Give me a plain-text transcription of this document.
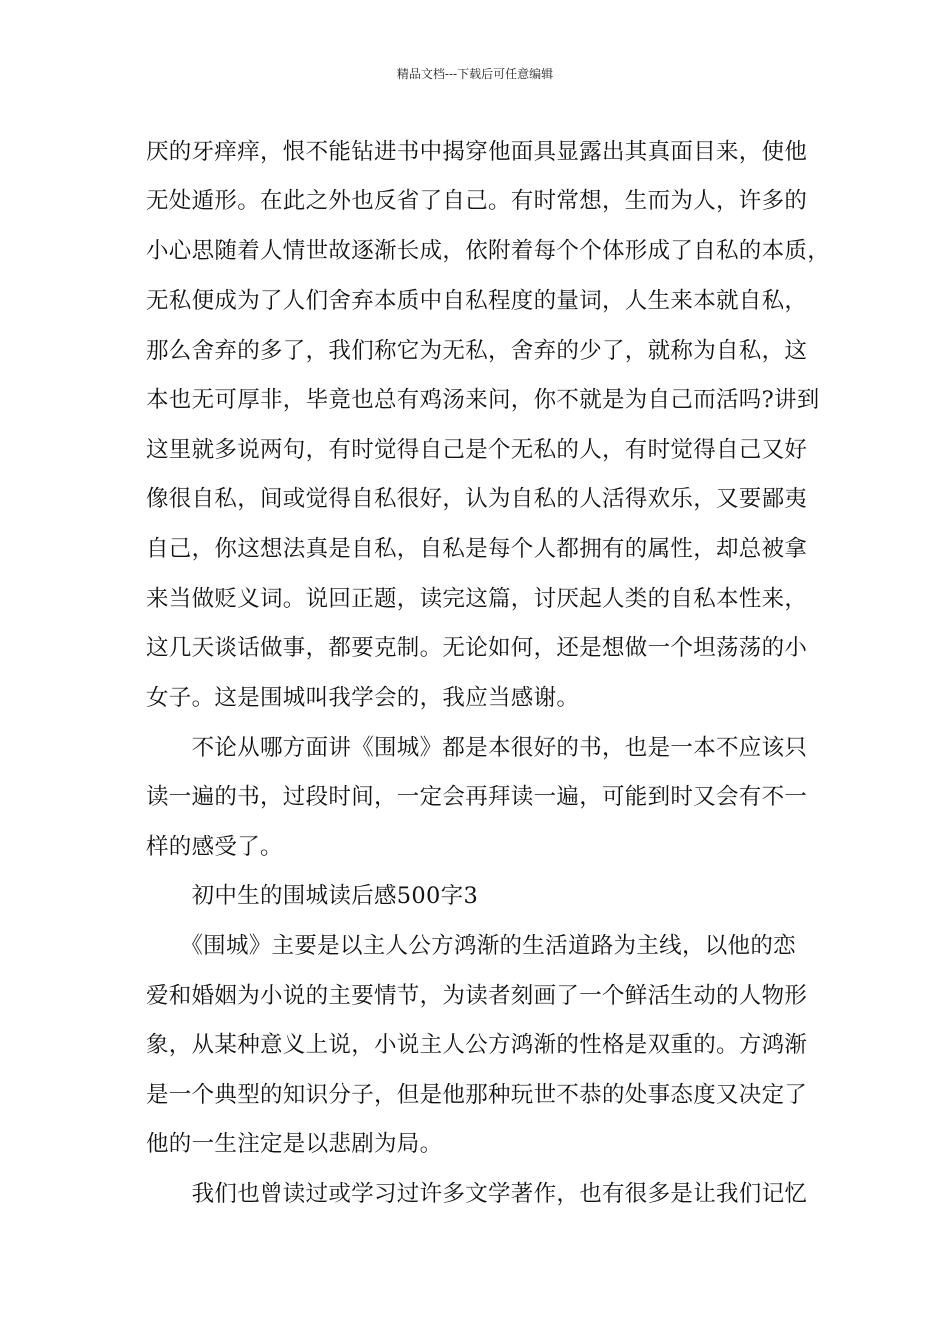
精品文档---下载后可任意编辑
厌的牙痒痒，恨不能钻进书中揭穿他面具显露出其真面目来，使他
无处遁形。在此之外也反省了自己。有时常想，生而为人，许多的
小心思随着人情世故逐渐长成，依附着每个个体形成了自私的本质，
无私便成为了人们舍弃本质中自私程度的量词，人生来本就自私，
那么舍弃的多了，我们称它为无私，舍弃的少了，就称为自私，这
本也无可厚非，毕竟也总有鸡汤来问，你不就是为自己而活吗?讲到
这里就多说两句，有时觉得自己是个无私的人，有时觉得自己又好
像很自私，间或觉得自私很好，认为自私的人活得欢乐，又要鄙夷
自己，你这想法真是自私，自私是每个人都拥有的属性，却总被拿
来当做贬义词。说回正题，读完这篇，讨厌起人类的自私本性来，
这几天谈话做事，都要克制。无论如何，还是想做一个坦荡荡的小
女子。这是围城叫我学会的，我应当感谢。
　　不论从哪方面讲《围城》都是本很好的书，也是一本不应该只
读一遍的书，过段时间，一定会再拜读一遍，可能到时又会有不一
样的感受了。
　　初中生的围城读后感500字3
　　《围城》主要是以主人公方鸿渐的生活道路为主线，以他的恋
爱和婚姻为小说的主要情节，为读者刻画了一个鲜活生动的人物形
象，从某种意义上说，小说主人公方鸿渐的性格是双重的。方鸿渐
是一个典型的知识分子，但是他那种玩世不恭的处事态度又决定了
他的一生注定是以悲剧为局。
　　我们也曾读过或学习过许多文学著作，也有很多是让我们记忆
